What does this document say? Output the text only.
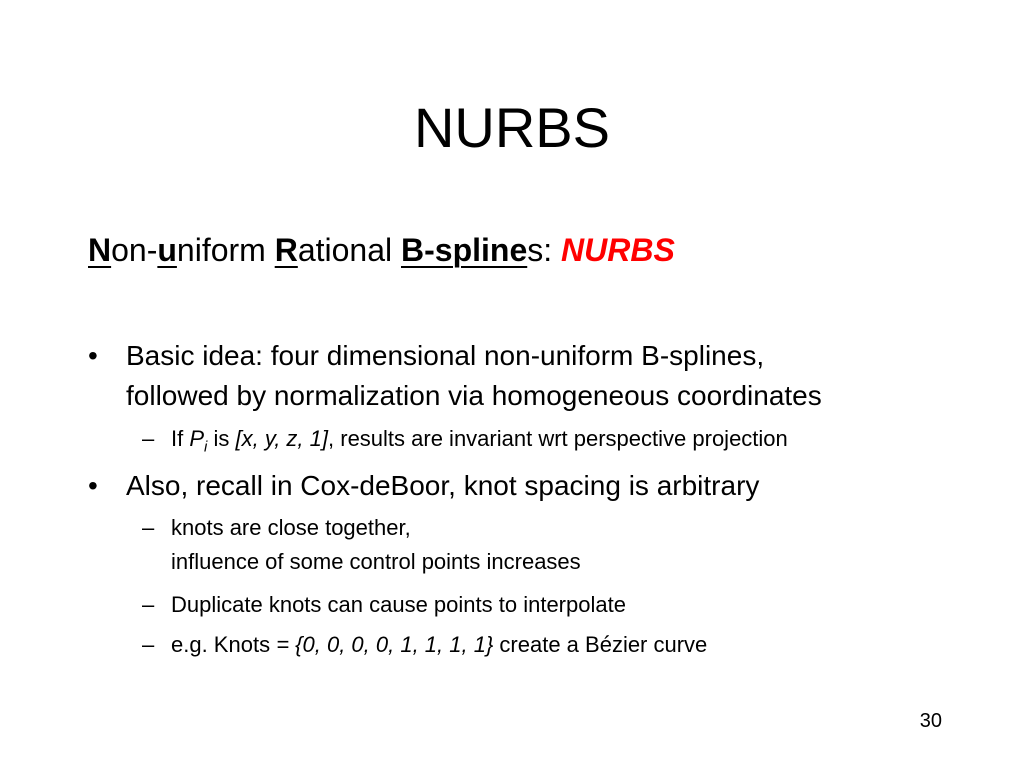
NURBS
Non-uniform Rational B-splines: NURBS
• Basic idea: four dimensional non-uniform B-splines,
followed by normalization via homogeneous coordinates
– If $P_i$ is [x, y, z, 1], results are invariant wrt perspective projection
• Also, recall in Cox-deBoor, knot spacing is arbitrary
– knots are close together,
influence of some control points increases
– Duplicate knots can cause points to interpolate
– e.g. Knots = {0, 0, 0, 0, 1, 1, 1, 1} create a Bézier curve
30
